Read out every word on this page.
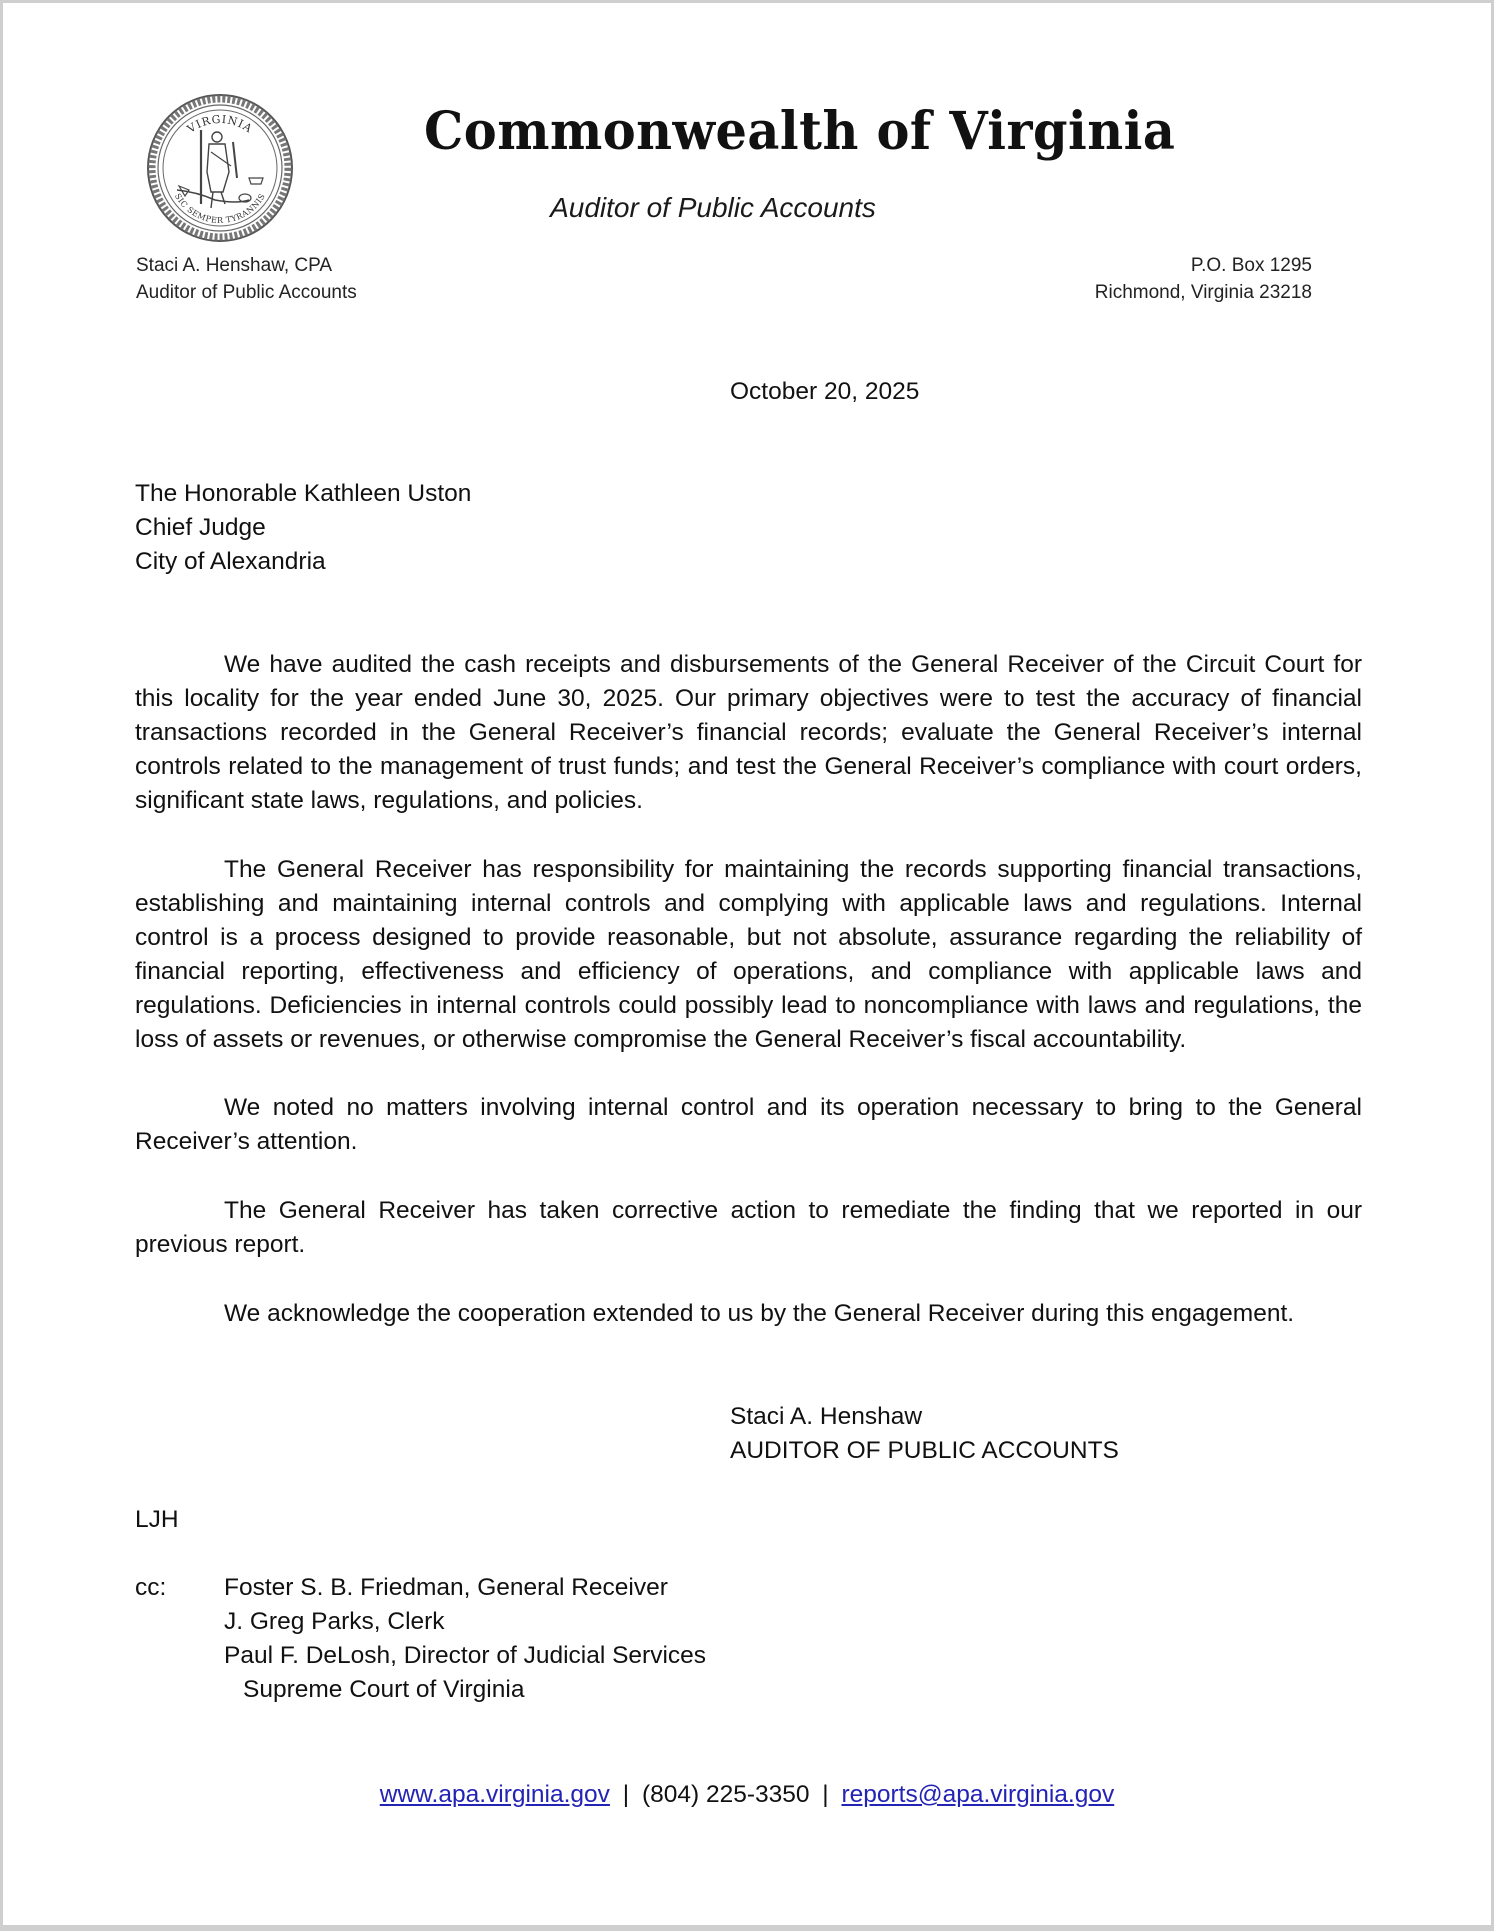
VIRGINIA
SIC SEMPER TYRANNIS
Commonwealth of Virginia
Auditor of Public Accounts
Staci A. Henshaw, CPA
Auditor of Public Accounts
P.O. Box 1295
Richmond, Virginia 23218
October 20, 2025
The Honorable Kathleen Uston
Chief Judge
City of Alexandria

We have audited the cash receipts and disbursements of the General Receiver of the Circuit Court for this locality for the year ended June 30, 2025. Our primary objectives were to test the accuracy of financial transactions recorded in the General Receiver’s financial records; evaluate the General Receiver’s internal controls related to the management of trust funds; and test the General Receiver’s compliance with court orders, significant state laws, regulations, and policies.

The General Receiver has responsibility for maintaining the records supporting financial transactions, establishing and maintaining internal controls and complying with applicable laws and regulations. Internal control is a process designed to provide reasonable, but not absolute, assurance regarding the reliability of financial reporting, effectiveness and efficiency of operations, and compliance with applicable laws and regulations. Deficiencies in internal controls could possibly lead to noncompliance with laws and regulations, the loss of assets or revenues, or otherwise compromise the General Receiver’s fiscal accountability.

We noted no matters involving internal control and its operation necessary to bring to the General Receiver’s attention.

The General Receiver has taken corrective action to remediate the finding that we reported in our previous report.

We acknowledge the cooperation extended to us by the General Receiver during this engagement.

Staci A. Henshaw
AUDITOR OF PUBLIC ACCOUNTS
LJH
cc: Foster S. B. Friedman, General Receiver
J. Greg Parks, Clerk
Paul F. DeLosh, Director of Judicial Services
Supreme Court of Virginia
www.apa.virginia.gov | (804) 225-3350 | reports@apa.virginia.gov
